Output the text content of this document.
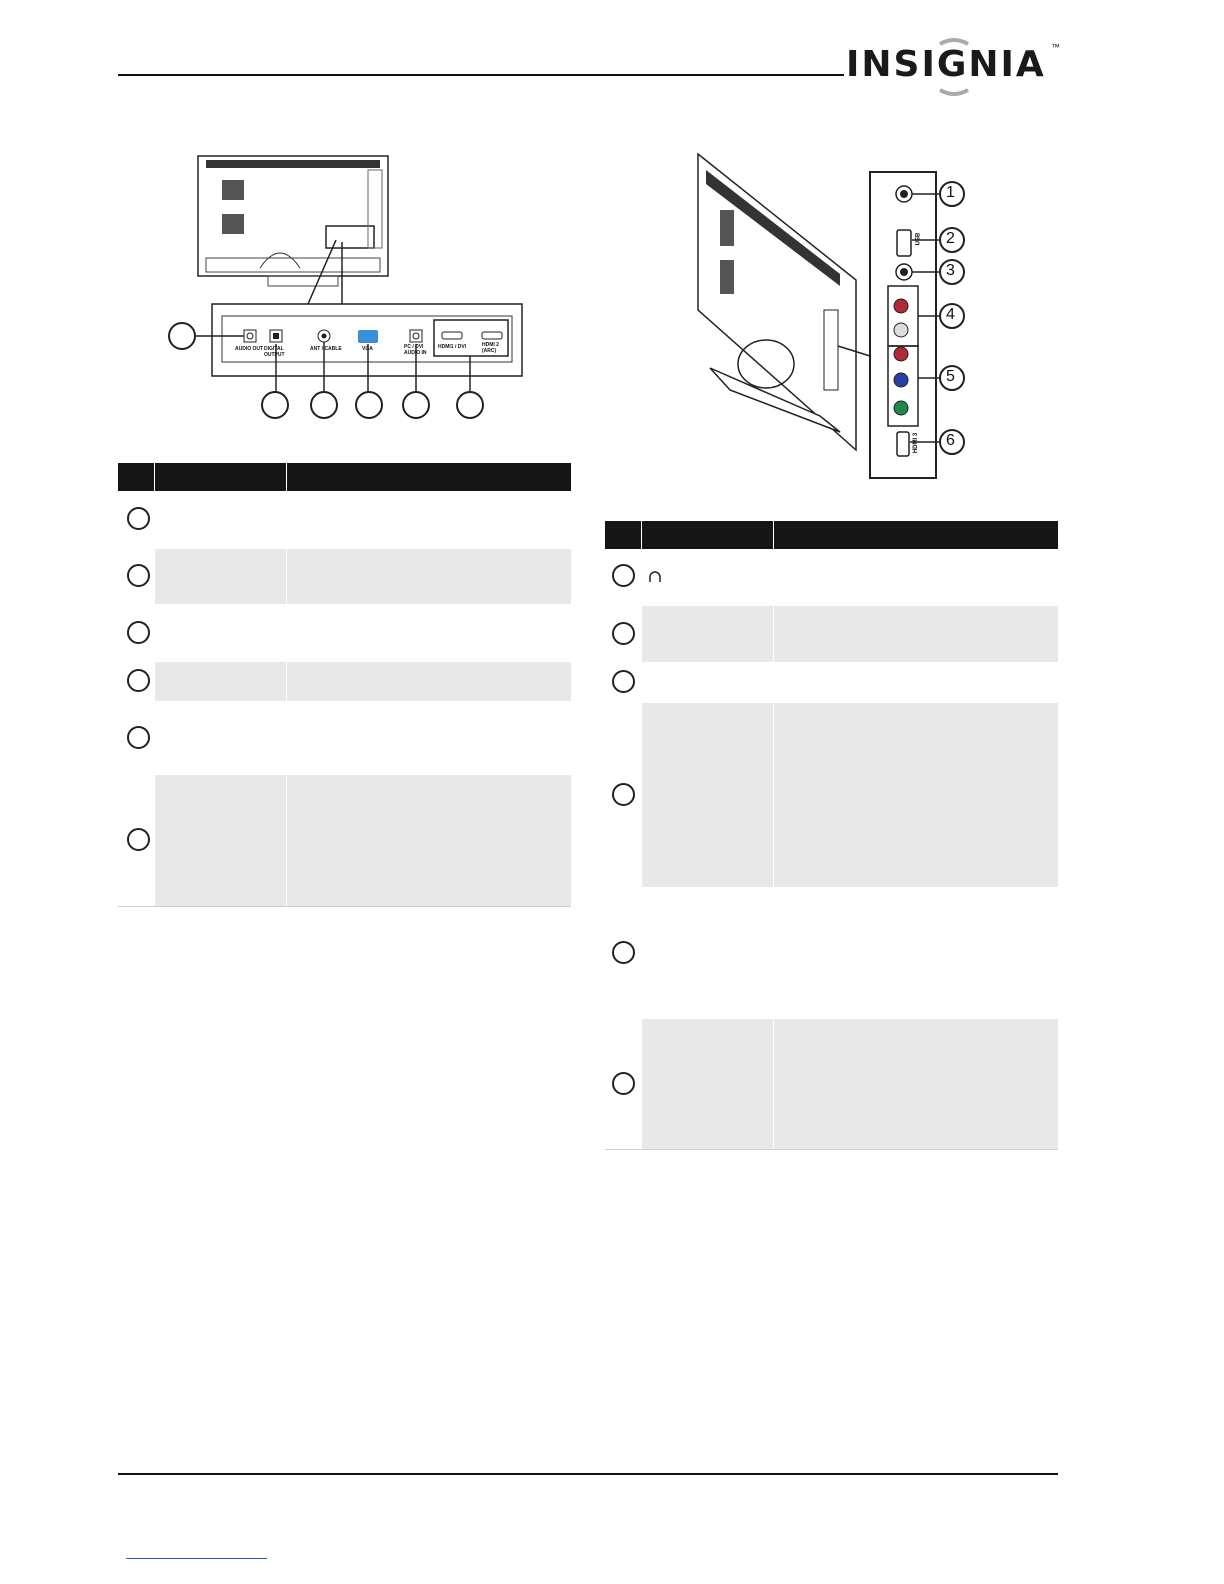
INSIGNIA ™
AUDIO OUT DIGITAL OUTPUT
ANT / CABLE	VGA	PC / DVI AUDIO IN
HDMI1 / DVI	HDMI 2 (ARC)
1
2
3
4
5
6
USB
HDMI 3
